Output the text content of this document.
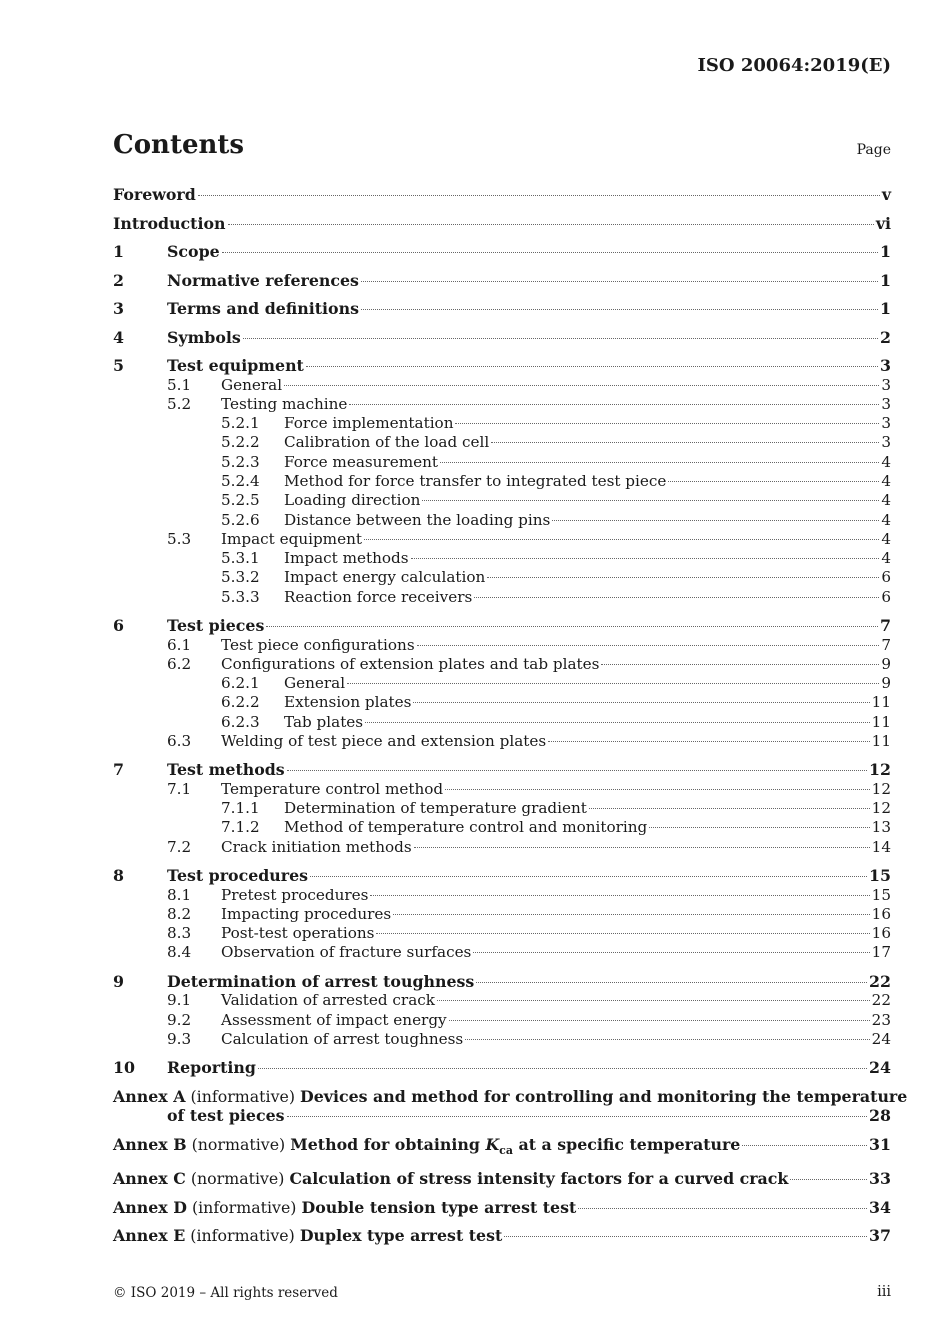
ISO 20064:2019(E)
Contents	Page
Foreword	v
Introduction	vi
1	Scope	1
2	Normative references	1
3	Terms and definitions	1
4	Symbols	2
5	Test equipment	3
5.1	General	3
5.2	Testing machine	3
5.2.1	Force implementation	3
5.2.2	Calibration of the load cell	3
5.2.3	Force measurement	4
5.2.4	Method for force transfer to integrated test piece	4
5.2.5	Loading direction	4
5.2.6	Distance between the loading pins	4
5.3	Impact equipment	4
5.3.1	Impact methods	4
5.3.2	Impact energy calculation	6
5.3.3	Reaction force receivers	6
6	Test pieces	7
6.1	Test piece configurations	7
6.2	Configurations of extension plates and tab plates	9
6.2.1	General	9
6.2.2	Extension plates	11
6.2.3	Tab plates	11
6.3	Welding of test piece and extension plates	11
7	Test methods	12
7.1	Temperature control method	12
7.1.1	Determination of temperature gradient	12
7.1.2	Method of temperature control and monitoring	13
7.2	Crack initiation methods	14
8	Test procedures	15
8.1	Pretest procedures	15
8.2	Impacting procedures	16
8.3	Post-test operations	16
8.4	Observation of fracture surfaces	17
9	Determination of arrest toughness	22
9.1	Validation of arrested crack	22
9.2	Assessment of impact energy	23
9.3	Calculation of arrest toughness	24
10	Reporting	24
Annex A (informative) Devices and method for controlling and monitoring the temperature
of test pieces	28
Annex B (normative) Method for obtaining $K_{ca}$ at a specific temperature	31
Annex C (normative) Calculation of stress intensity factors for a curved crack	33
Annex D (informative) Double tension type arrest test	34
Annex E (informative) Duplex type arrest test	37
© ISO 2019 – All rights reserved	iii
